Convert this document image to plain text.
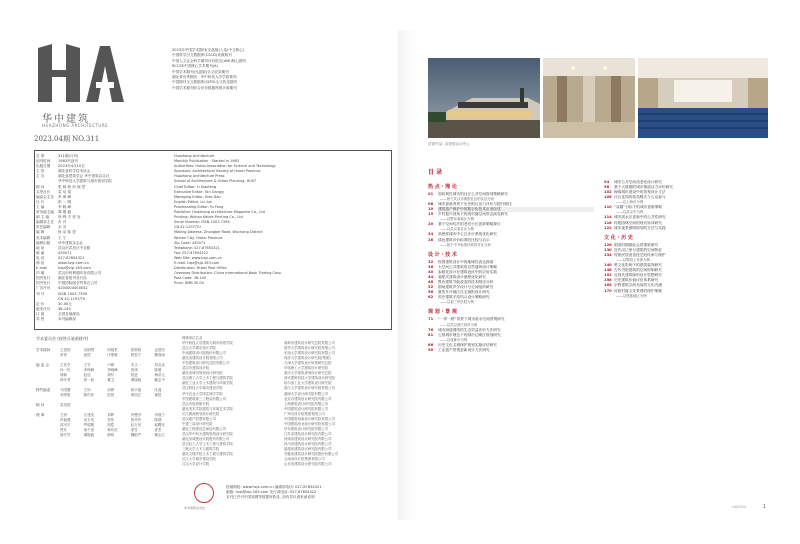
华中建筑
HUAZHONG ARCHITECTURE
2023.04期 NO.311
2023年中国学术期刊(光盘版)入选(中文核心)
中国科学引文数据库(CSCD)来源期刊
中国人文社会科学期刊评价报告(AMI)核心期刊
RCCSE中国核心学术期刊(A)
中国学术期刊(光盘版)全文收录期刊
湖北省优秀期刊 · 华中科技大学学报系列
中国期刊全文数据库(CJFD)全文收录期刊
中国学术期刊综合评价数据库统计源期刊
总 第	311期(月刊)
创刊时间	1983年创刊
出版日期	2023年4月10日
主 管	湖北省科学技术协会
主 办	湖北省建筑学会 华中建筑杂志社
华中科技大学建筑与城市规划学院
顾 问	张 锦 秋 何 镜 堂
名誉社长	袁 培 煌
编委会主任	李 保 峰
社 长	彭 一 刚
主 编	李 晓 峰
常务副主编	谭 刚 毅
副 主 编	徐 利 平 张 岩
编辑部主任	肖 丹
责任编辑	余 芳
编 辑	杨 洁 陈 思
美术编辑	王 宁
编辑出版	华中建筑杂志社
地 址	武汉市武昌区中北路
邮 编	430071
电 话	027-87654321
网 址	www.hzjz.com.cn
E-mail	hzjz@vip.163.com
印 刷	武汉市科利德印务有限公司
国内发行	湖北省报刊发行局
国外发行	中国国际图书贸易总公司
广告许可	4200004000052
刊 号	ISSN 1003-739X
CN 42-1197/TU
定 价	30.00元
邮发代号	38-140
订 阅	全国各地邮局
零 售	本刊编辑部
Huazhong Architecture
Monthly Publication · Started in 1983
Authorities: Hubei Association for Science and Technology
Sponsors: Architectural Society of Hubei Province
Huazhong Architecture Press
School of Architecture & Urban Planning, HUST
Chief Editor: Li Xiaofeng
Executive Editor: Tan Gangyi
Managing Editor: Xiao Dan
English Editor: Liu Jun
Proofreading Editor: Yu Fang
Publisher: Huazhong Architecture Magazine Co., Ltd
Printing: Wuhan Kelide Printing Co., Ltd
Serial Number: ISSN 1003-739X
CN 42-1197/TU
Mailing Address: Zhongbei Road, Wuchang District
Wuhan City, Hubei Province
Zip Code: 430071
Telephone: 027-87654321
Fax: 027-87654322
Web Site: www.hzjz.com.cn
E-mail: hzjz@vip.163.com
Distribution: Hubei Post Office
Overseas Distribution: China International Book Trading Corp.
Post Code: 38-140
Price: RMB 30.00
学术委员会 (按姓氏笔画排序)
学术顾问	王建国	吴硕贤	何镜堂	张锦秋	孟建民
常青	崔愷	庄惟敏	程泰宁	魏春雨
编 委 会	王其亨	王竹	卢峰	朱文一	刘克成
孙一民	李保峰	李晓峰	张颀	陈薇
周畅	赵辰	胡纹	段进	梅洪元
韩冬青	黄一如	董卫	谭刚毅	戴志中
特约编委	马国馨	王昀	汤桦	杨宇振	沈迪
宋晔皓	陈伯冲	范悦	黄居正	龚恺
顾 问	袁培煌
理 事	王澍	丘建发	刘晖	许懋彦	李翔宁
肖毅强	吴永发	张彤	张伶伶	陈纲
邵韦平	罗德胤	周恺	赵万民	郝曙光
贾东	徐千里	黄印武	梁雪	曾坚
褚冬竹	谭刚毅	薛明	魏皓严	冀志江
理事单位名录
华中科技大学建筑与城市规划学院
武汉大学城市设计学院
中南建筑设计院股份有限公司
湖北省建筑设计院有限公司
中信建筑设计研究总院有限公司
武汉市建筑设计院
湖北省城市规划设计研究院
武汉理工大学土木工程与建筑学院
湖北工业大学土木建筑与环境学院
武汉科技大学城市建设学院
华中农业大学园艺林学学院
中国建筑第三工程局有限公司
武汉市规划研究院
湖北美术学院建筑与环境艺术学院
长江勘测规划设计研究院
武汉地产控股有限公司
中建三局设计研究院
湖北工程建设总承包有限公司
武汉华中科大建筑规划设计研究院
湖北省城建设计院股份有限公司
武汉轻工大学土木工程与建筑学院
三峡大学土木与建筑学院
湖北文理学院土木工程与建筑学院
长江大学城市建设学院
江汉大学设计学院

深圳市建筑设计研究总院有限公司
清华大学建筑设计研究院有限公司
东南大学建筑设计研究院有限公司
同济大学建筑设计研究院(集团)
天津大学建筑设计规划研究总院
华南理工大学建筑设计研究院
重庆大学建筑规划设计研究总院
西安建筑科技大学建筑设计研究院
哈尔滨工业大学建筑设计研究院
浙江大学建筑设计研究院有限公司
湖南大学设计研究院有限公司
北京市建筑设计研究院有限公司
上海建筑设计研究院有限公司
中国建筑设计研究院有限公司
广州市设计院集团有限公司
中国建筑西南设计研究院有限公司
中国建筑西北设计研究院有限公司
华东建筑设计研究院有限公司
江苏省建筑设计研究院有限公司
河南省建筑设计研究院有限公司
四川省建筑设计研究院有限公司
福建省建筑设计研究院有限公司
安徽省建筑设计研究院股份有限公司
云南省设计院集团有限公司
山东省建筑设计研究院有限公司
华中建筑杂志社
投稿网址: www.hzjz.com.cn 编辑部电话: 027-87654321
邮箱: hzjz@vip.163.com 发行部电话: 027-87654322
本刊已许可中国知网等数据库收录, 如有异议请来函说明
封面作品: 某校园活动中心
目 录
热 点 · 理 论
01	面向韧性城市的社区公共空间规划策略研究
——基于武汉市典型社区的实证分析
06	城市更新背景下历史街区活力评价与提升路径
10	建筑遗产保护中的数字化技术应用综述
15	乡村振兴视角下传统村落空间形态演变研究
——以鄂东南地区为例
20	基于空间句法的老旧小区更新策略探讨
——以武汉某社区为例
24	高密度城市中心区步行系统优化研究
28	绿色建筑评价标准的比较与启示
——基于中外标准体系的对比分析
设 计 · 技 术
32	校园建筑设计中的地域性表达探索
36	大空间公共建筑的自然通风设计策略
40	参数化设计在建筑表皮中的应用实践
44	装配式建筑设计流程优化研究
48	既有建筑节能改造的技术路径分析
52	剧场建筑声学设计与空间组织研究
56	夏热冬冷地区住宅遮阳设计研究
62	医疗建筑平疫结合设计策略研究
——以某三甲医院为例
规 划 · 景 观
71	“一带一路”背景下城市滨水空间景观研究
——以武汉两江四岸为例
76	城市绿道网络的生态效益评价方法研究
81	公园城市理念下的城市边缘区规划研究
——以成都市为例
86	历史文化名城保护规划实施评估研究
90	工业遗产景观更新设计方法研究
94	城市公共空间适老化设计研究
98	基于大数据的城市街道活力评价研究
102 海绵城市建设中的景观设计方法
106 社区花园的营造模式与公众参与
——以上海市为例
110 “双碳”目标下的城市更新策略
——以武汉市为例
114 城市滨水区更新中的公共性研究
118 传统园林空间的现代转译研究
122 城市夜景照明规划的方法与实践
文 化 · 历 史
126 明清时期湖北会馆建筑研究
130 近代汉口里分建筑的空间特征
134 传统民居营造技艺的传承与保护
——以鄂西土家族为例
140 楚文化影响下的建筑装饰研究
146 古代书院建筑的空间形制研究
152 近现代建筑师的设计思想研究
158 历史建筑价值评估体系研究
164 宗教建筑空间布局的文化内涵
170 传统村落文化景观的保护策略
——以恩施地区为例
HA0304	1
